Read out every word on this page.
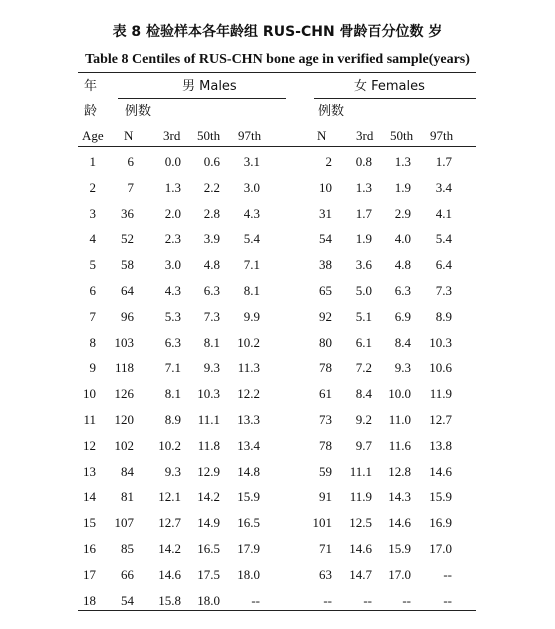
表 8 检验样本各年龄组 RUS-CHN 骨龄百分位数 岁
Table 8 Centiles of RUS-CHN bone age in verified sample(years)
年	男 Males	女 Females
龄 例数	例数
Age N 3rd 50th 97th	N 3rd 50th 97th
1 6 0.0 0.6 3.1	2 0.8 1.3 1.7
2 7 1.3 2.2 3.0	10 1.3 1.9 3.4
3 36 2.0 2.8 4.3	31 1.7 2.9 4.1
4 52 2.3 3.9 5.4	54 1.9 4.0 5.4
5 58 3.0 4.8 7.1	38 3.6 4.8 6.4
6 64 4.3 6.3 8.1	65 5.0 6.3 7.3
7 96 5.3 7.3 9.9	92 5.1 6.9 8.9
8 103 6.3 8.1 10.2	80 6.1 8.4 10.3
9 118 7.1 9.3 11.3	78 7.2 9.3 10.6
10 126 8.1 10.3 12.2	61 8.4 10.0 11.9
11 120 8.9 11.1 13.3	73 9.2 11.0 12.7
12 102 10.2 11.8 13.4	78 9.7 11.6 13.8
13 84 9.3 12.9 14.8	59 11.1 12.8 14.6
14 81 12.1 14.2 15.9	91 11.9 14.3 15.9
15 107 12.7 14.9 16.5	101 12.5 14.6 16.9
16 85 14.2 16.5 17.9	71 14.6 15.9 17.0
17 66 14.6 17.5 18.0	63 14.7 17.0 --
18 54 15.8 18.0 --	-- -- -- --
